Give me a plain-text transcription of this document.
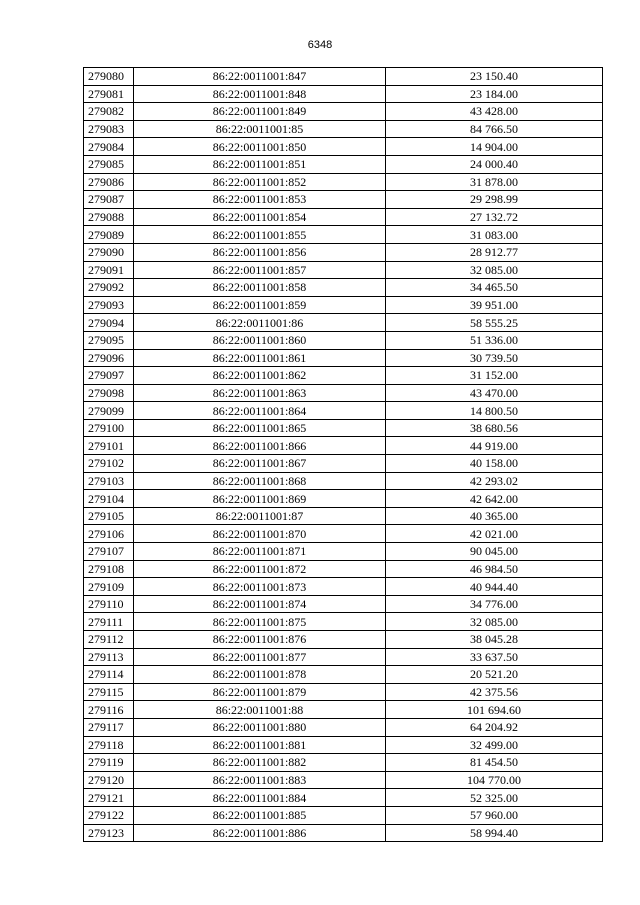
6348
279080	86:22:0011001:847	23 150.40
279081	86:22:0011001:848	23 184.00
279082	86:22:0011001:849	43 428.00
279083	86:22:0011001:85	84 766.50
279084	86:22:0011001:850	14 904.00
279085	86:22:0011001:851	24 000.40
279086	86:22:0011001:852	31 878.00
279087	86:22:0011001:853	29 298.99
279088	86:22:0011001:854	27 132.72
279089	86:22:0011001:855	31 083.00
279090	86:22:0011001:856	28 912.77
279091	86:22:0011001:857	32 085.00
279092	86:22:0011001:858	34 465.50
279093	86:22:0011001:859	39 951.00
279094	86:22:0011001:86	58 555.25
279095	86:22:0011001:860	51 336.00
279096	86:22:0011001:861	30 739.50
279097	86:22:0011001:862	31 152.00
279098	86:22:0011001:863	43 470.00
279099	86:22:0011001:864	14 800.50
279100	86:22:0011001:865	38 680.56
279101	86:22:0011001:866	44 919.00
279102	86:22:0011001:867	40 158.00
279103	86:22:0011001:868	42 293.02
279104	86:22:0011001:869	42 642.00
279105	86:22:0011001:87	40 365.00
279106	86:22:0011001:870	42 021.00
279107	86:22:0011001:871	90 045.00
279108	86:22:0011001:872	46 984.50
279109	86:22:0011001:873	40 944.40
279110	86:22:0011001:874	34 776.00
279111	86:22:0011001:875	32 085.00
279112	86:22:0011001:876	38 045.28
279113	86:22:0011001:877	33 637.50
279114	86:22:0011001:878	20 521.20
279115	86:22:0011001:879	42 375.56
279116	86:22:0011001:88	101 694.60
279117	86:22:0011001:880	64 204.92
279118	86:22:0011001:881	32 499.00
279119	86:22:0011001:882	81 454.50
279120	86:22:0011001:883	104 770.00
279121	86:22:0011001:884	52 325.00
279122	86:22:0011001:885	57 960.00
279123	86:22:0011001:886	58 994.40
